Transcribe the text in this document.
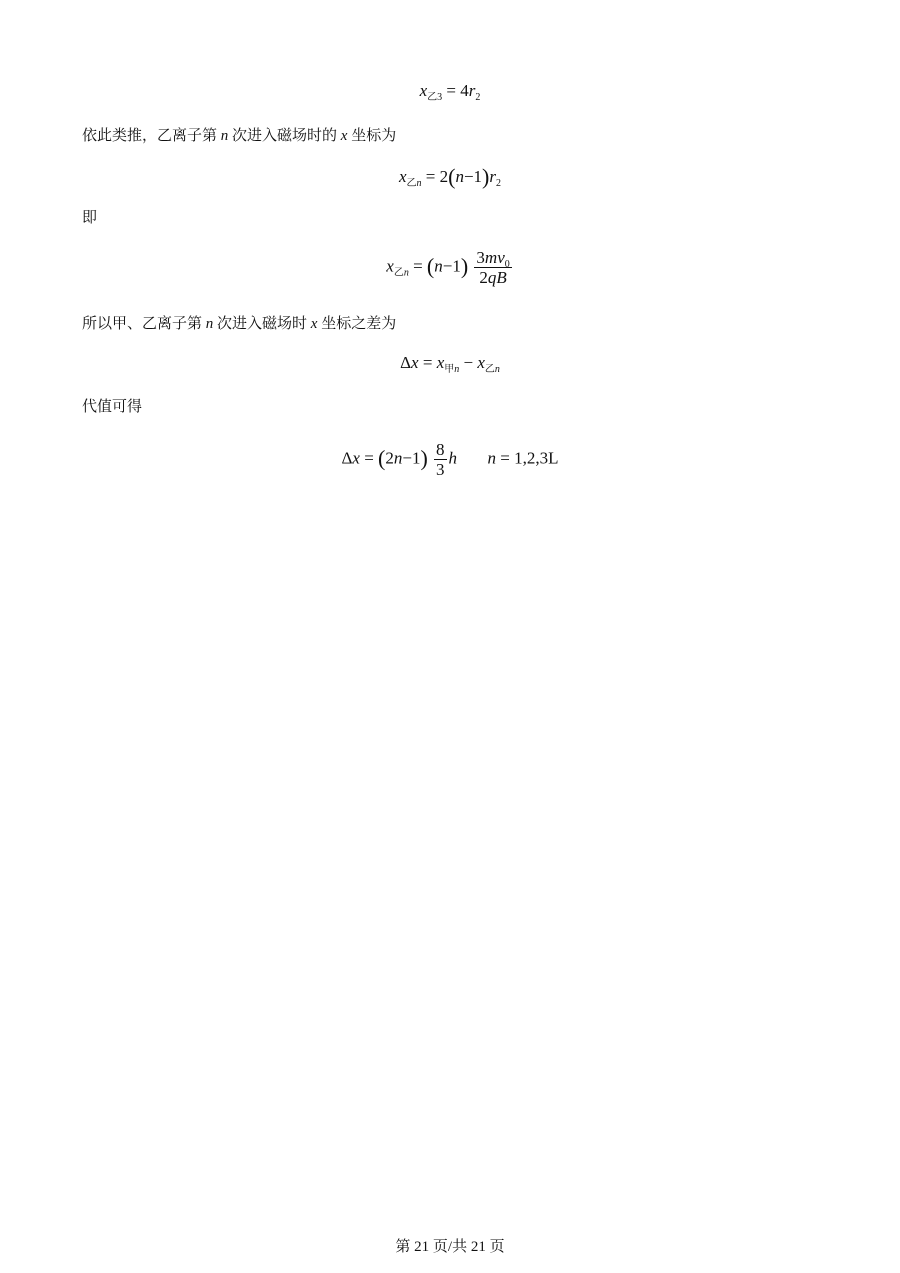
$x_{乙3} = 4r_2$
依此类推，乙离子第 n 次进入磁场时的 x 坐标为
$x_{乙n} = 2(n-1)r_2$
即
$x_{乙n} = (n-1) \frac{3mv_0}{2qB}$
所以甲、乙离子第 n 次进入磁场时 x 坐标之差为
$\Delta x = x_{甲n} - x_{乙n}$
代值可得
$\Delta x = (2n-1) \frac{8}{3}$ h n = 1,2,3L
第 21 页/共 21 页
